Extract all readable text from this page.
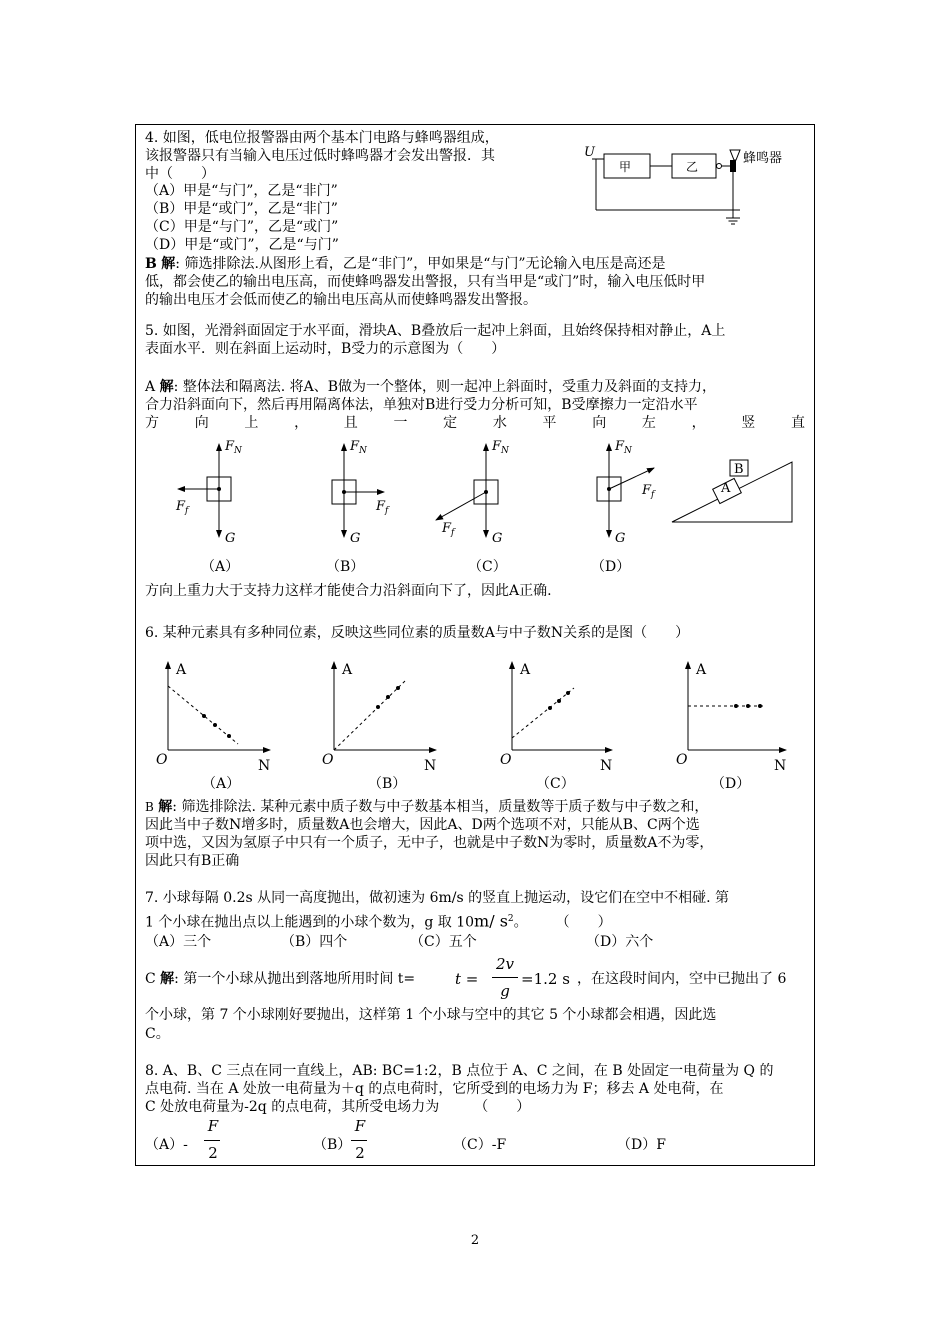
4. 如图，低电位报警器由两个基本门电路与蜂鸣器组成，
该报警器只有当输入电压过低时蜂鸣器才会发出警报．其
中（　　）
（A）甲是“与门”，乙是“非门”
（B）甲是“或门”，乙是“非门”
（C）甲是“与门”，乙是“或门”
（D）甲是“或门”，乙是“与门”
U
甲	乙
蜂鸣器
B 解: 筛选排除法.从图形上看，乙是“非门”，甲如果是“与门”无论输入电压是高还是
低，都会使乙的输出电压高，而使蜂鸣器发出警报，只有当甲是“或门”时，输入电压低时甲
的输出电压才会低而使乙的输出电压高从而使蜂鸣器发出警报。
5. 如图，光滑斜面固定于水平面，滑块A、B叠放后一起冲上斜面，且始终保持相对静止，A上
表面水平．则在斜面上运动时，B受力的示意图为（　　）
A 解: 整体法和隔离法. 将A、B做为一个整体，则一起冲上斜面时，受重力及斜面的支持力，
合力沿斜面向下，然后再用隔离体法，单独对B进行受力分析可知，B受摩擦力一定沿水平
方	向	上	，	且	一	定	水	平	向	左	，	竖	直
$F_N$
$F_f$
G
$F_N$
$F_f$
G
$F_N$
$F_f$	G
$F_N$
$F_f$
G
B
A
（A）	（B）	（C）	（D）
方向上重力大于支持力这样才能使合力沿斜面向下了，因此A正确.
6. 某种元素具有多种同位素，反映这些同位素的质量数A与中子数N关系的是图（　　）
A
N
O
A
N
O
A
N
O
A
N
O
（A）	（B）	（C）	（D）
B 解: 筛选排除法. 某种元素中质子数与中子数基本相当，质量数等于质子数与中子数之和，
因此当中子数N增多时，质量数A也会增大，因此A、D两个选项不对，只能从B、C两个选
项中选，又因为氢原子中只有一个质子，无中子，也就是中子数N为零时，质量数A不为零，
因此只有B正确
7. 小球每隔 0.2s 从同一高度抛出，做初速为 6m/s 的竖直上抛运动，设它们在空中不相碰. 第
1 个小球在抛出点以上能遇到的小球个数为，g 取 10m/ $s^2$。　　　（　　）
（A）三个	（B）四个	（C）五个	（D）六个
C 解: 第一个小球从抛出到落地所用时间 t=	t =
2v
g
=1.2 s ，在这段时间内，空中已抛出了 6
个小球，第 7 个小球刚好要抛出，这样第 1 个小球与空中的其它 5 个小球都会相遇，因此选
C。
8. A、B、C 三点在同一直线上，AB: BC=1:2，B 点位于 A、C 之间，在 B 处固定一电荷量为 Q 的
点电荷. 当在 A 处放一电荷量为＋q 的点电荷时，它所受到的电场力为 F；移去 A 处电荷，在
C 处放电荷量为-2q 的点电荷，其所受电场力为　　　（　　）
（A）-
F
2	（B）
F
2	（C）-F	（D）F
2
